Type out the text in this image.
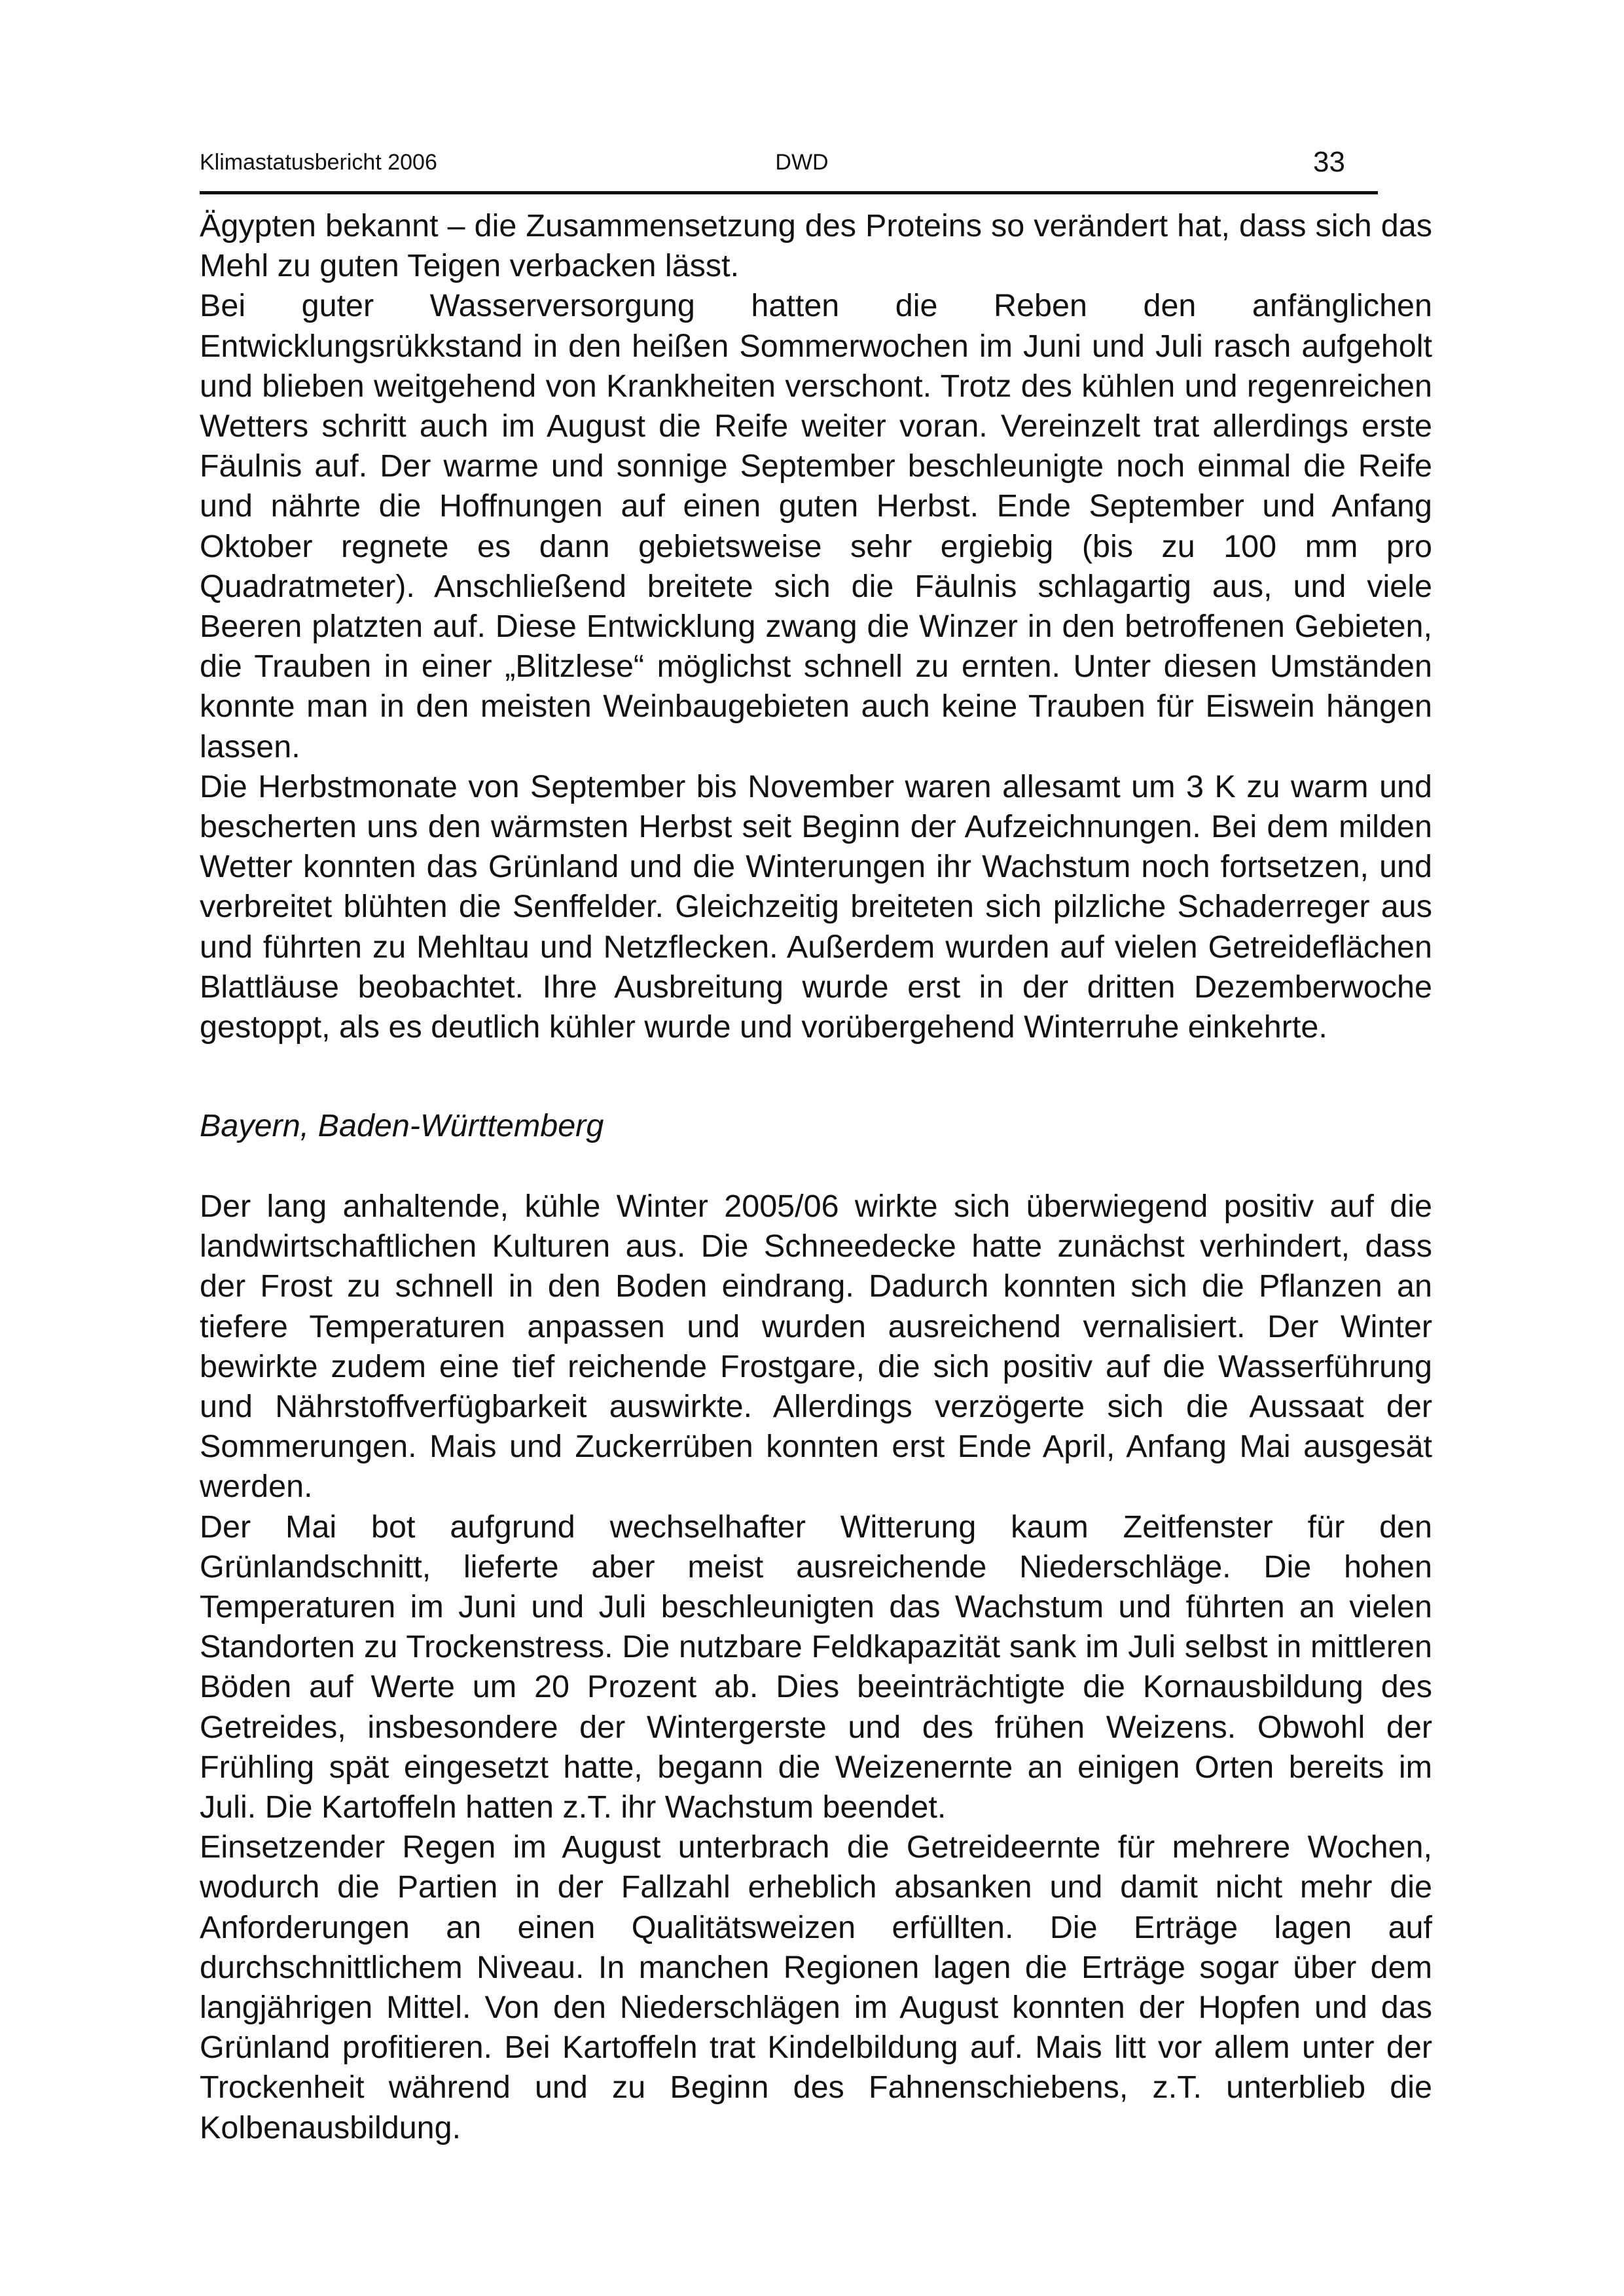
Klimastatusbericht 2006	DWD	33

Ägypten bekannt – die Zusammensetzung des Proteins so verändert hat, dass sich das Mehl zu guten Teigen verbacken lässt.

Bei guter Wasserversorgung hatten die Reben den anfänglichen Entwicklungsrükkstand in den heißen Sommerwochen im Juni und Juli rasch aufgeholt und blieben weitgehend von Krankheiten verschont. Trotz des kühlen und regenreichen Wetters schritt auch im August die Reife weiter voran. Vereinzelt trat allerdings erste Fäulnis auf. Der warme und sonnige September beschleunigte noch einmal die Reife und nährte die Hoffnungen auf einen guten Herbst. Ende September und Anfang Oktober regnete es dann gebietsweise sehr ergiebig (bis zu 100 mm pro Quadratmeter). Anschließend breitete sich die Fäulnis schlagartig aus, und viele Beeren platzten auf. Diese Entwicklung zwang die Winzer in den betroffenen Gebieten, die Trauben in einer „Blitzlese“ möglichst schnell zu ernten. Unter diesen Umständen konnte man in den meisten Weinbaugebieten auch keine Trauben für Eiswein hängen lassen.

Die Herbstmonate von September bis November waren allesamt um 3 K zu warm und bescherten uns den wärmsten Herbst seit Beginn der Aufzeichnungen. Bei dem milden Wetter konnten das Grünland und die Winterungen ihr Wachstum noch fortsetzen, und verbreitet blühten die Senffelder. Gleichzeitig breiteten sich pilzliche Schaderreger aus und führten zu Mehltau und Netzflecken. Außerdem wurden auf vielen Getreideflächen Blattläuse beobachtet. Ihre Ausbreitung wurde erst in der dritten Dezemberwoche gestoppt, als es deutlich kühler wurde und vorübergehend Winterruhe einkehrte.

Bayern, Baden-Württemberg

Der lang anhaltende, kühle Winter 2005/06 wirkte sich überwiegend positiv auf die landwirtschaftlichen Kulturen aus. Die Schneedecke hatte zunächst verhindert, dass der Frost zu schnell in den Boden eindrang. Dadurch konnten sich die Pflanzen an tiefere Temperaturen anpassen und wurden ausreichend vernalisiert. Der Winter bewirkte zudem eine tief reichende Frostgare, die sich positiv auf die Wasserführung und Nährstoffverfügbarkeit auswirkte. Allerdings verzögerte sich die Aussaat der Sommerungen. Mais und Zuckerrüben konnten erst Ende April, Anfang Mai ausgesät werden.

Der Mai bot aufgrund wechselhafter Witterung kaum Zeitfenster für den Grünlandschnitt, lieferte aber meist ausreichende Niederschläge. Die hohen Temperaturen im Juni und Juli beschleunigten das Wachstum und führten an vielen Standorten zu Trockenstress. Die nutzbare Feldkapazität sank im Juli selbst in mittleren Böden auf Werte um 20 Prozent ab. Dies beeinträchtigte die Kornausbildung des Getreides, insbesondere der Wintergerste und des frühen Weizens. Obwohl der Frühling spät eingesetzt hatte, begann die Weizenernte an einigen Orten bereits im Juli. Die Kartoffeln hatten z.T. ihr Wachstum beendet.

Einsetzender Regen im August unterbrach die Getreideernte für mehrere Wochen, wodurch die Partien in der Fallzahl erheblich absanken und damit nicht mehr die Anforderungen an einen Qualitätsweizen erfüllten. Die Erträge lagen auf durchschnittlichem Niveau. In manchen Regionen lagen die Erträge sogar über dem langjährigen Mittel. Von den Niederschlägen im August konnten der Hopfen und das Grünland profitieren. Bei Kartoffeln trat Kindelbildung auf. Mais litt vor allem unter der Trockenheit während und zu Beginn des Fahnenschiebens, z.T. unterblieb die Kolbenausbildung.
